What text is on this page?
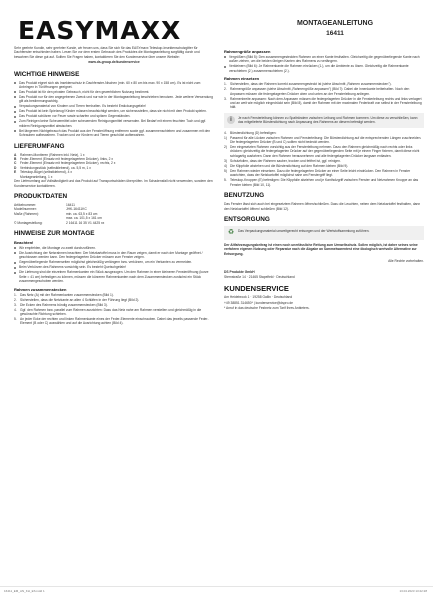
EASYMAXX	MONTAGEANLEITUNG
16411

Sehr geehrte Kundin, sehr geehrter Kunde, wir freuen uns, dass Sie sich für das EASYmaxx Teleskop-Insektenschutzgitter für Dachfenster entschieden haben. Lesen Sie vor dem ersten Gebrauch des Produktes die Montageanleitung sorgfältig durch und bewahren Sie diese gut auf. Sollten Sie Fragen haben, kontaktieren Sie den Kundenservice über unsere Website:

www.ds-group.de/kundenservice

WICHTIGE HINWEISE
Das Produkt eignet sich als Insektenschutz in Dachfenster-Nischen (min. 60 x 80 cm bis max. 90 x 158 cm). Es ist nicht zum Anbringen in Türöffnungen geeignet.
Das Produkt ist für den privaten Gebrauch, nicht für den gewerblichen Nutzung bestimmt.
Das Produkt nur für den angegebenen Zweck und nur wie in der Montageanleitung beschrieben benutzen. Jede weitere Verwendung gilt als bestimmungswidrig.
Verpackungsmaterial von Kindern und Tieren fernhalten. Es besteht Erstickungsgefahr!
Das Produkt ist kein Spielzeug! Kinder müssen beaufsichtigt werden, um sicherzustellen, dass sie nicht mit dem Produkt spielen.
Das Produkt schützen vor Feuer sowie scharfen und spitzen Gegenständen.
Zum Reinigen keine Scheuermittel oder scheuernden Reinigungsmittel verwenden. Bei Bedarf mit einem feuchten Tuch und ggf. mildem Reinigungsmittel abwischen.
Bei längerem Nichtgebrauch das Produkt aus der Fensteröffnung entfernen sowie ggf. zusammenschieben und zusammen mit den Schrauben aufbewahren. Trocken und vor Kindern und Tieren geschützt aufbewahren.
LIEFERUMFANG
A	Rahmen-Montieren (Rahmen inkl. Netz), 1 x
B	Feder-Element (Einsatz mit federgelagertem Drücker), links, 2 x
C	Feder-Element (Einsatz mit federgelagertem Drücker), rechts, 2 x
D	Verbindungsstück (selbstklebend), ca. 5,5 m, 1 x
E	Teleskop-Bügel (selbstklebend), 4 x
	Montageanleitung, 1 x

Den Lieferumfang auf Vollständigkeit und das Produkt auf Transportschäden überprüfen. Im Schadensfall nicht verwenden, sondern den Kundenservice kontaktieren.

PRODUKTDATEN
Artikelnummer:	16411
Modellnummer:	JHK-16411KC
Maße (Rahmen):	min. ca. 63,5 x 83 cm
	max. ca. 101,5 x 161 cm
© Montagestellung:	2 16411 16 35 V1 4425 xx
HINWEISE ZUR MONTAGE
Beachten!
Wir empfehlen, die Montage zu zweit durchzuführen.
Die Ausrichtung der Netzrahmen beachten: Der Netzkartoffel muss in den Raum zeigen, damit er nach der Montage geöffnet / geschlossen werden kann. Den federgelagerten Drücker müssen zum Fenster zeigen.
Gegenüberliegende Rahmenseiten möglichst gleichmäßig verlängern bzw. verkürzen, um ein Verkanten zu vermeiden.
Beim Verkürzen des Rahmens vorsichtig sein. Es besteht Quetschgefahr!
Die Lieferung sind die einzelnen Rahmenkanten ein Stück ausgezogen. Um den Rahmen in einer kleineren Fensteröffnung (kurze Seite = 41 cm) befestigen zu können, müssen die kürzeren Rahmenkanten nach dem Zusammenstecken zunächst ein Stück zusammengeschoben werden.
Rahmen zusammenstecken
1. Das Netz (A) mit der Rahmenkanten zusammenstecken (Bild 1).
2. Sicherstellen, dass die Netzkante an allen 4 Schläfen in der Führung liegt (Bild 2).
3. Die Ecken des Rahmens bündig zusammenstecken (Bild 3).
4. Ggf. den Rahmen bzw. parallel zum Rahmen ausrichten: Dazu das Netz nahe am Rahmen verstellen und gleichmäßig in die gewünschte Richtung schieben.
5. An jeder Ecke der rechten und linken Rahmenkante eines der Feder-Elemente einschrauben. Dabei das jeweils passende Feder-Element (B oder C) auswählen und auf die Ausrichtung achten (Bild 4).
Rahmengröße anpassen
Vergrößern (Bild 5): Den zusammengesteckten Rahmen an einer Kante festhalten. Gleichzeitig die gegenüberliegende Kante nach außen ziehen, um die beiden übrigen Kanten des Rahmens zu verlängern.
Verkleinern (Bild 6): Je Rahmenkante die Rahmen einrücken (1.), um die Ambiente zu lösen. Gleichzeitig die Rahmenkante verschieben (2.) zusammenschieben (2.).
Rahmen einsetzen
1. Sicherstellen, dass der Rahmen korrekt zusammengesteckt ist (siehe Abschnitt „Rahmen zusammenstecken").
2. Rahmengröße anpassen (siehe Abschnitt „Rahmengröße anpassen") (Bild 7): Dabei die Innenkante beibehalten. Noch den Anpassen müssen die federgelagerten Drücker oben und unten an der Fensterleibung anliegen.
3. Rahmenbreite anpassen: Nach dem Anpassen müssen die federgelagerten Drücker in die Fensterleibung rechts und links verlagert und an weit wie möglich eingedrückt sein (Bild 8), damit der Rahmen mit der maximalen Federkraft von selbst in der Fensterleibung hält.
i	Je nach Fensterleibung können zu Spalträndern zwischen Leibung und Rahmen kommen. Um diese zu verschließen, kann das mitgelieferte Bürstendichtung nach Anpassung des Rahmens an diesem befestigt werden.
4. Bürstendichtung (D) befestigen:
1) Passend für alle Lücken zwischen Rahmen und Fensterleibung: Die Bürstendichtung auf die entsprechenden Längen zuschneiden. Die federgelagerten Drücker (B und C) sollten nicht bedeckt werden.
2) Den eingesetzten Rahmen vorsichtig aus der Fensterleibung nehmen. Dazu den Rahmen gleichmäßig nach rechts oder links drücken: gleichzeitig die federgelagerten Drücker auf der gegenüberliegenden Seite mit je einem Finger fixieren, damit diese nicht schlagartig ausfahren. Dann den Rahmen herausnehmen und alle federgelagerten Drücker langsam entlasten.
3) Schutzfolien, dass der Rahmen sauber, trocken und fettfrei ist, ggf. reinigen.
4) Die Klippfolie abziehen und die Bürstendichtung auf den Rahmen kleben (Bild 9).
5) Den Rahmen wieder einsetzen. Dazu die federgelagerten Drücker an einer Seite leicht eindrücken. Den Rahmen in Fenster ausrichten, dass der Netzkartoffel möglichst nahe am Fenstergriff liegt.
5. Teleskop-Knoppen (E) befestigen: Die Klippfolie abziehen und je Kantholzgriff zwischen Fenster und Netzrahmen Knoppe an das Fenster kleben (Bild 10, 11).
BENUTZUNG

Das Fenster lässt sich auch bei eingesetztem Rahmen öffnen/schließen. Dazu die Leuchten, neben dem Netzkartoffel festhalten, dann den Netzkartoffel öffnen/ schließen (Bild 12).

ENTSORGUNG
♻ Das Verpackungsmaterial umweltgerecht entsorgen und der Wertstoffsammlung zuführen.

Der Altfahrzeugungsbeitrag ist einen noch unerlässliche Rettung zum Umweltschutz. Sollen möglich, ist daher seines seine verfahren eigenen Nutzung oder Reparatur nach die Abgabe an Sammelwarentest eine ökologisch wertvolle Alternative zur Entsorgung.

Alle Rechte vorbehalten.

DS Produkte GmbH

Sternstraße 14 · 21465 Stapelfeld · Deutschland

KUNDENSERVICE

Am Heidebrook 1 · 19258 Gallin · Deutschland

+49 38851 314650* | kundenservice@dspro.de

* Anruf in das deutsche Festnetz zum Tarif Ihres Anbieters.

16411_EM_AN_KH_ES.indd 1	13.04.2023 13:22:28
